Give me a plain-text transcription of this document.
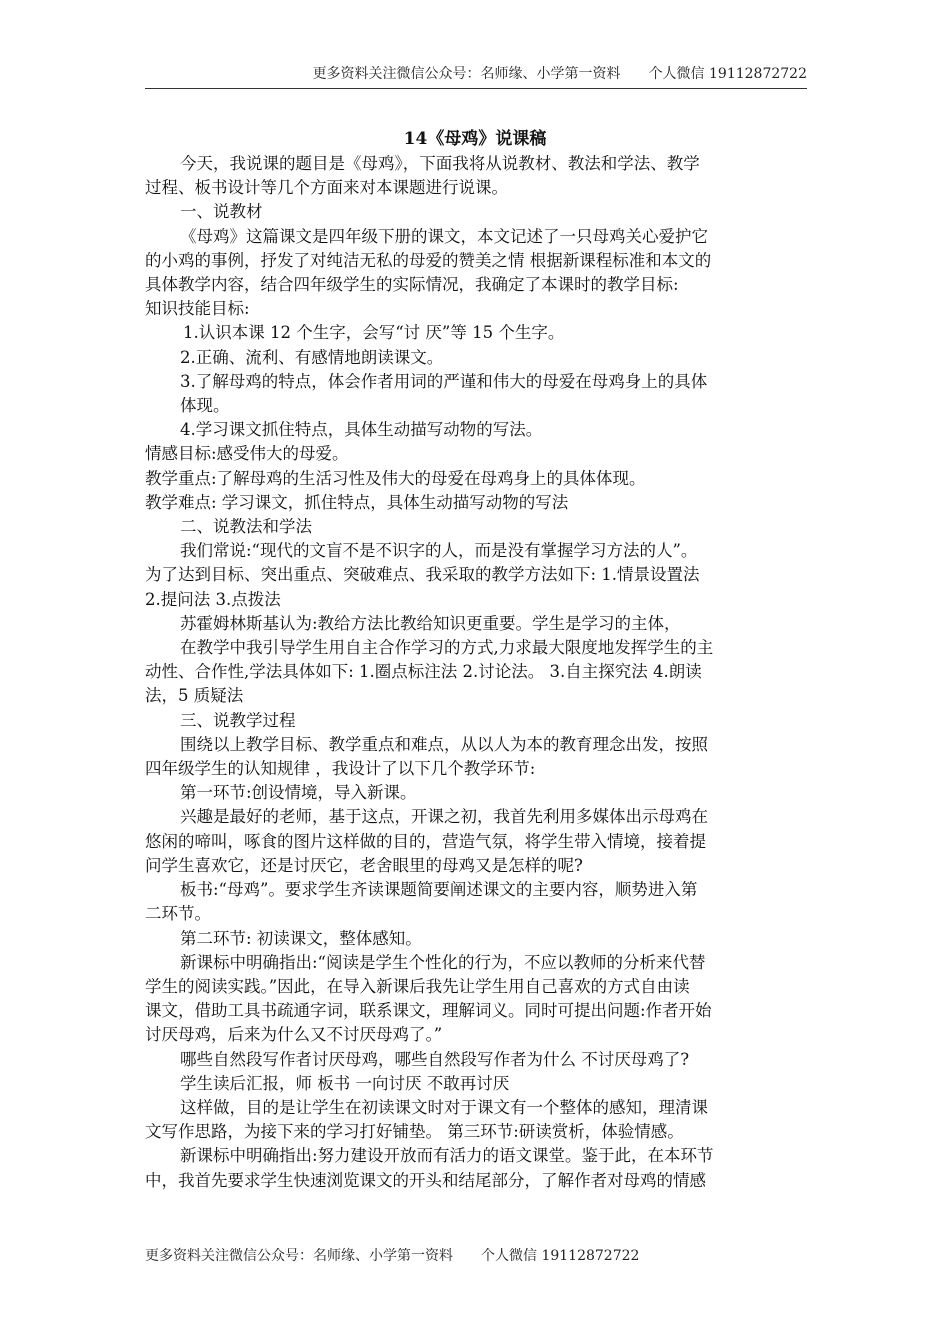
更多资料关注微信公众号：名师缘、小学第一资料 个人微信 19112872722
14《母鸡》说课稿

今天，我说课的题目是《母鸡》，下面我将从说教材、教法和学法、教学

过程、板书设计等几个方面来对本课题进行说课。

一、说教材

《母鸡》这篇课文是四年级下册的课文，本文记述了一只母鸡关心爱护它

的小鸡的事例，抒发了对纯洁无私的母爱的赞美之情 根据新课程标准和本文的

具体教学内容，结合四年级学生的实际情况，我确定了本课时的教学目标:

知识技能目标:

1.认识本课 12 个生字，会写“讨 厌”等 15 个生字。

2.正确、流利、有感情地朗读课文。

3.了解母鸡的特点，体会作者用词的严谨和伟大的母爱在母鸡身上的具体

体现。

4.学习课文抓住特点，具体生动描写动物的写法。

情感目标:感受伟大的母爱。

教学重点:了解母鸡的生活习性及伟大的母爱在母鸡身上的具体体现。

教学难点: 学习课文，抓住特点，具体生动描写动物的写法

二、说教法和学法

我们常说:“现代的文盲不是不识字的人，而是没有掌握学习方法的人”。

为了达到目标、突出重点、突破难点、我采取的教学方法如下: 1.情景设置法

2.提问法 3.点拨法

苏霍姆林斯基认为:教给方法比教给知识更重要。学生是学习的主体，

在教学中我引导学生用自主合作学习的方式,力求最大限度地发挥学生的主

动性、合作性,学法具体如下: 1.圈点标注法 2.讨论法。 3.自主探究法 4.朗读

法，5 质疑法

三、说教学过程

围绕以上教学目标、教学重点和难点，从以人为本的教育理念出发，按照

四年级学生的认知规律 ，我设计了以下几个教学环节:

第一环节:创设情境，导入新课。

兴趣是最好的老师，基于这点，开课之初，我首先利用多媒体出示母鸡在

悠闲的啼叫，啄食的图片这样做的目的，营造气氛，将学生带入情境，接着提

问学生喜欢它，还是讨厌它，老舍眼里的母鸡又是怎样的呢?

板书:“母鸡”。要求学生齐读课题简要阐述课文的主要内容，顺势进入第

二环节。

第二环节: 初读课文，整体感知。

新课标中明确指出:“阅读是学生个性化的行为，不应以教师的分析来代替

学生的阅读实践。”因此，在导入新课后我先让学生用自己喜欢的方式自由读

课文，借助工具书疏通字词，联系课文，理解词义。同时可提出问题:作者开始

讨厌母鸡，后来为什么又不讨厌母鸡了。”

哪些自然段写作者讨厌母鸡，哪些自然段写作者为什么 不讨厌母鸡了?

学生读后汇报，师 板书 一向讨厌 不敢再讨厌

这样做，目的是让学生在初读课文时对于课文有一个整体的感知，理清课

文写作思路，为接下来的学习打好铺垫。 第三环节:研读赏析，体验情感。

新课标中明确指出:努力建设开放而有活力的语文课堂。鉴于此，在本环节

中，我首先要求学生快速浏览课文的开头和结尾部分，了解作者对母鸡的情感

更多资料关注微信公众号：名师缘、小学第一资料 个人微信 19112872722
